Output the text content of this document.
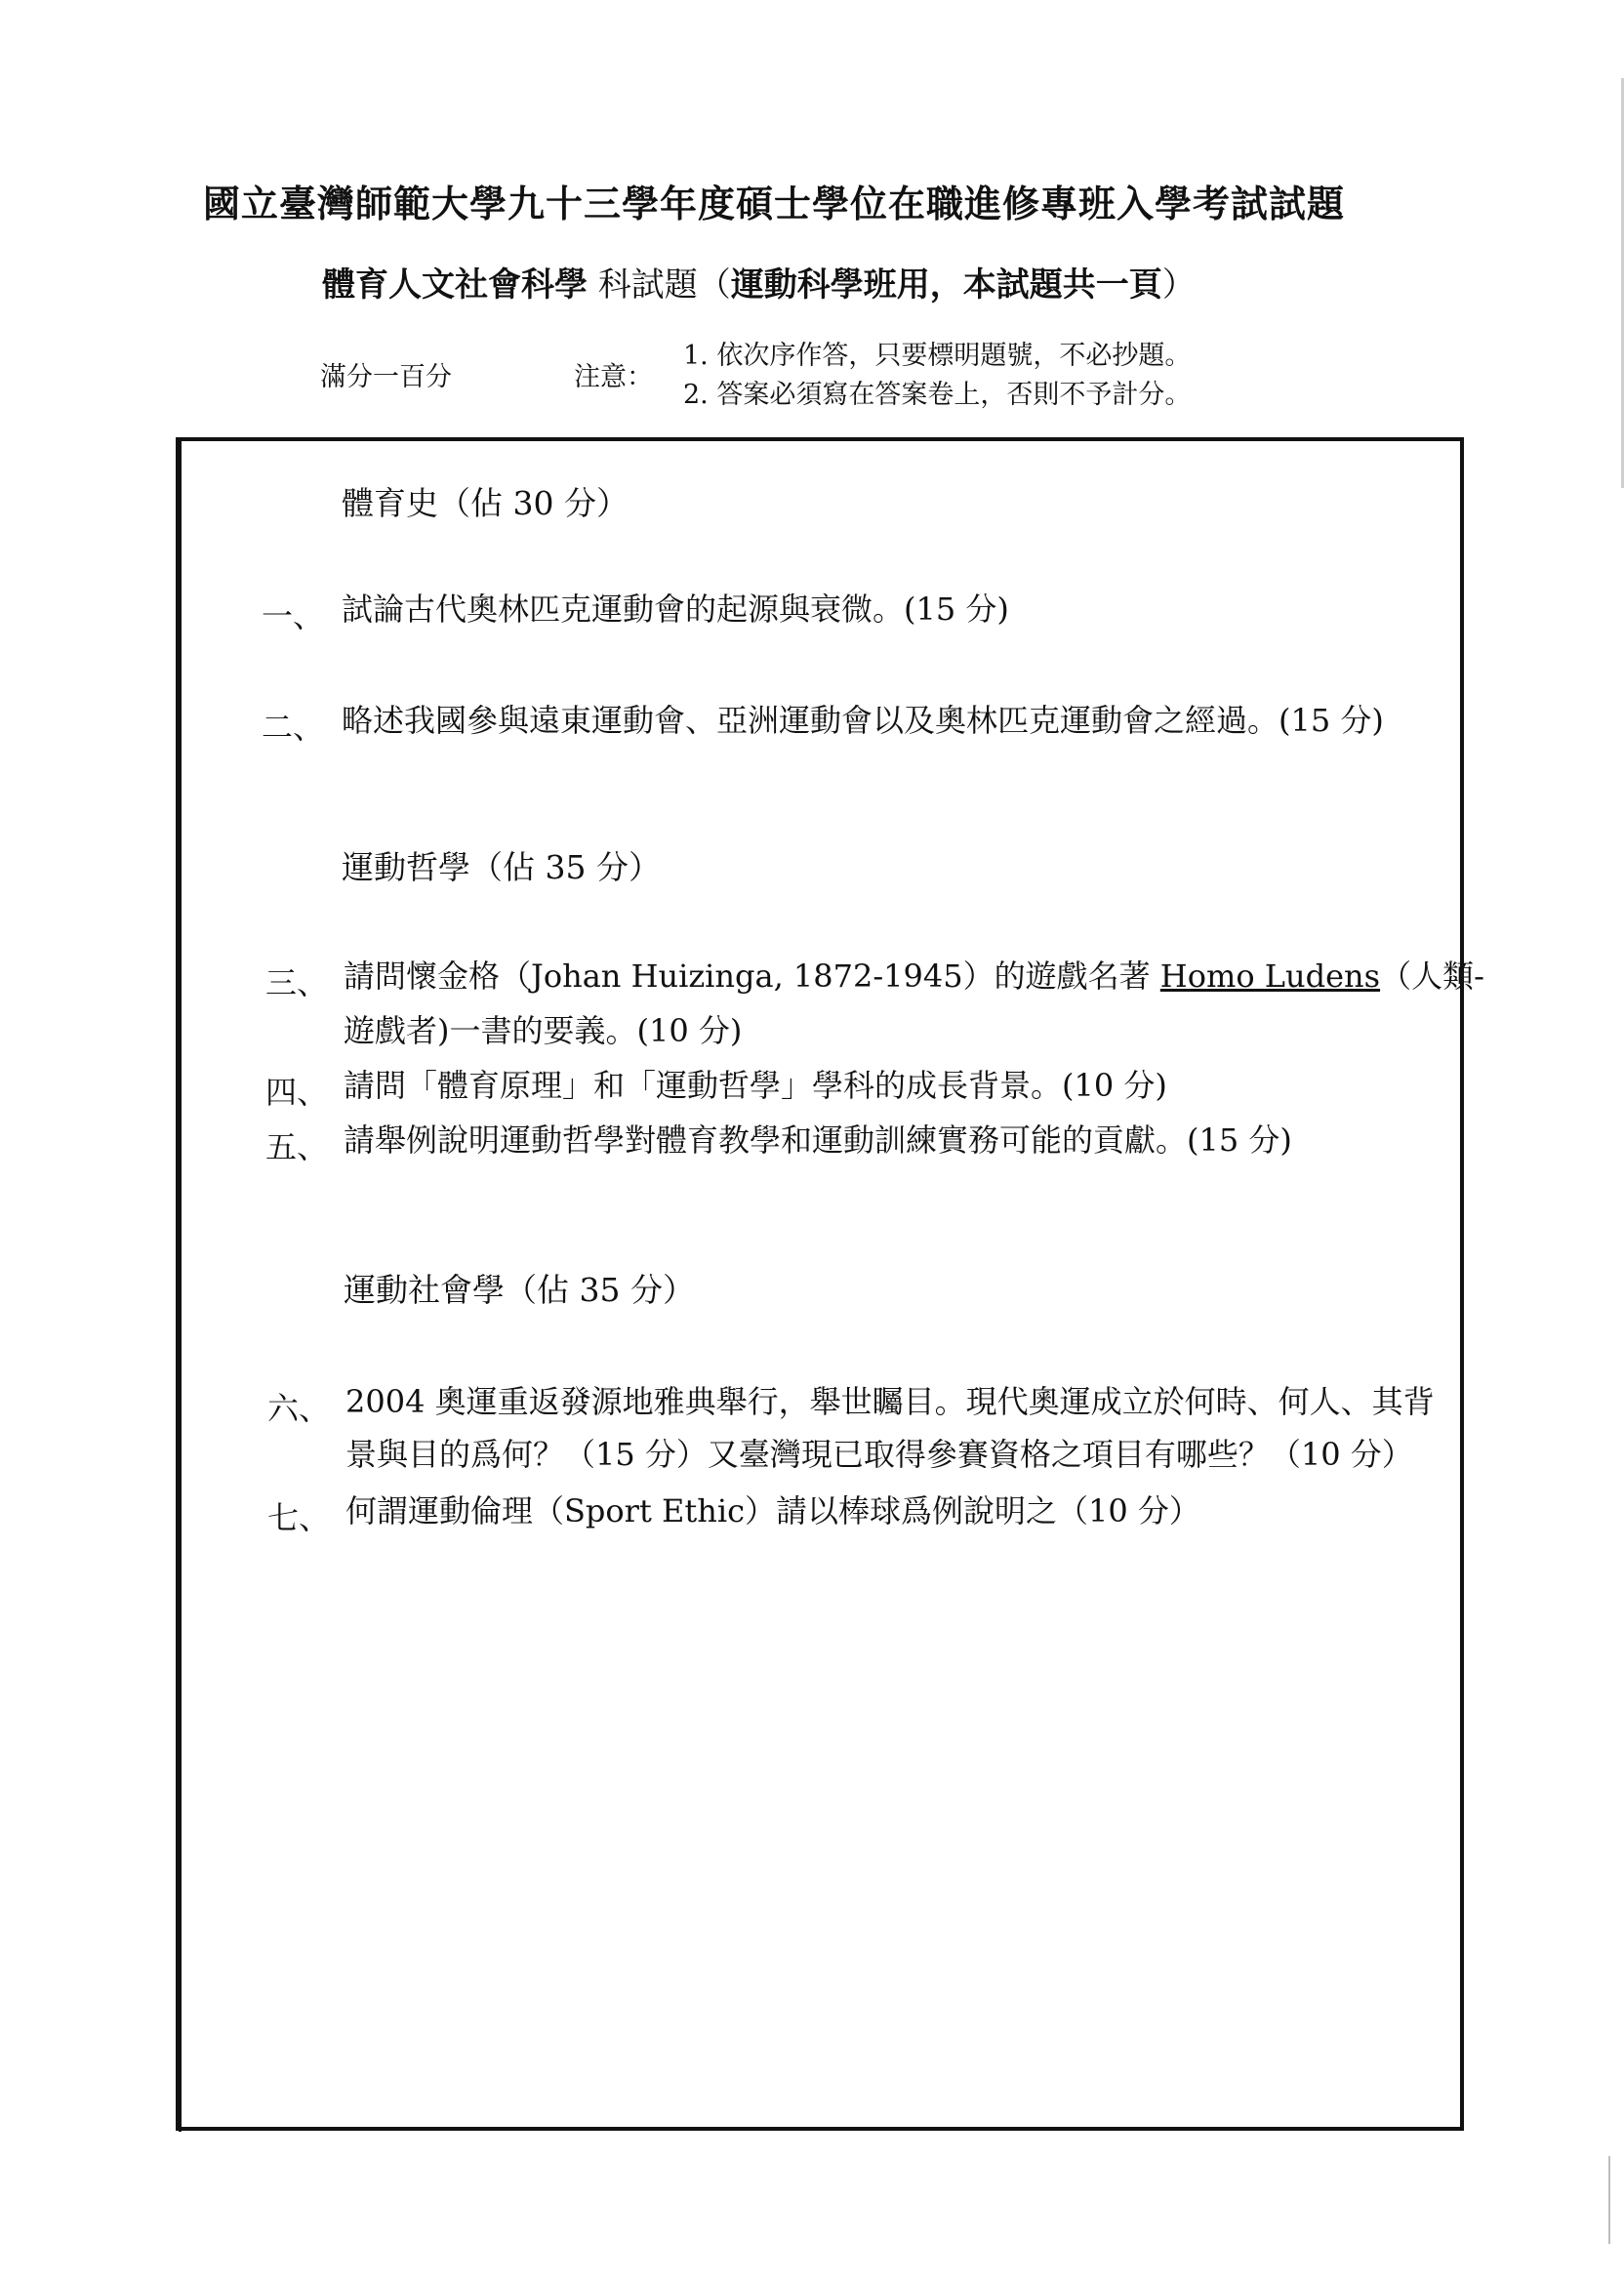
國立臺灣師範大學九十三學年度碩士學位在職進修專班入學考試試題
體育人文社會科學 科試題（運動科學班用，本試題共一頁）
滿分一百分	注意：
1. 依次序作答，只要標明題號，不必抄題。
2. 答案必須寫在答案卷上，否則不予計分。
體育史（佔 30 分）
一、 試論古代奧林匹克運動會的起源與衰微。(15 分)
二、 略述我國參與遠東運動會、亞洲運動會以及奧林匹克運動會之經過。(15 分)
運動哲學（佔 35 分）
三、 請問懷金格（Johan Huizinga, 1872-1945）的遊戲名著 Homo Ludens（人類-
遊戲者)一書的要義。(10 分)
四、 請問「體育原理」和「運動哲學」學科的成長背景。(10 分)
五、 請舉例說明運動哲學對體育教學和運動訓練實務可能的貢獻。(15 分)
運動社會學（佔 35 分）
六、 2004 奧運重返發源地雅典舉行，舉世矚目。現代奧運成立於何時、何人、其背
景與目的爲何？（15 分）又臺灣現已取得參賽資格之項目有哪些？（10 分）
七、 何謂運動倫理（Sport Ethic）請以棒球爲例說明之（10 分）
